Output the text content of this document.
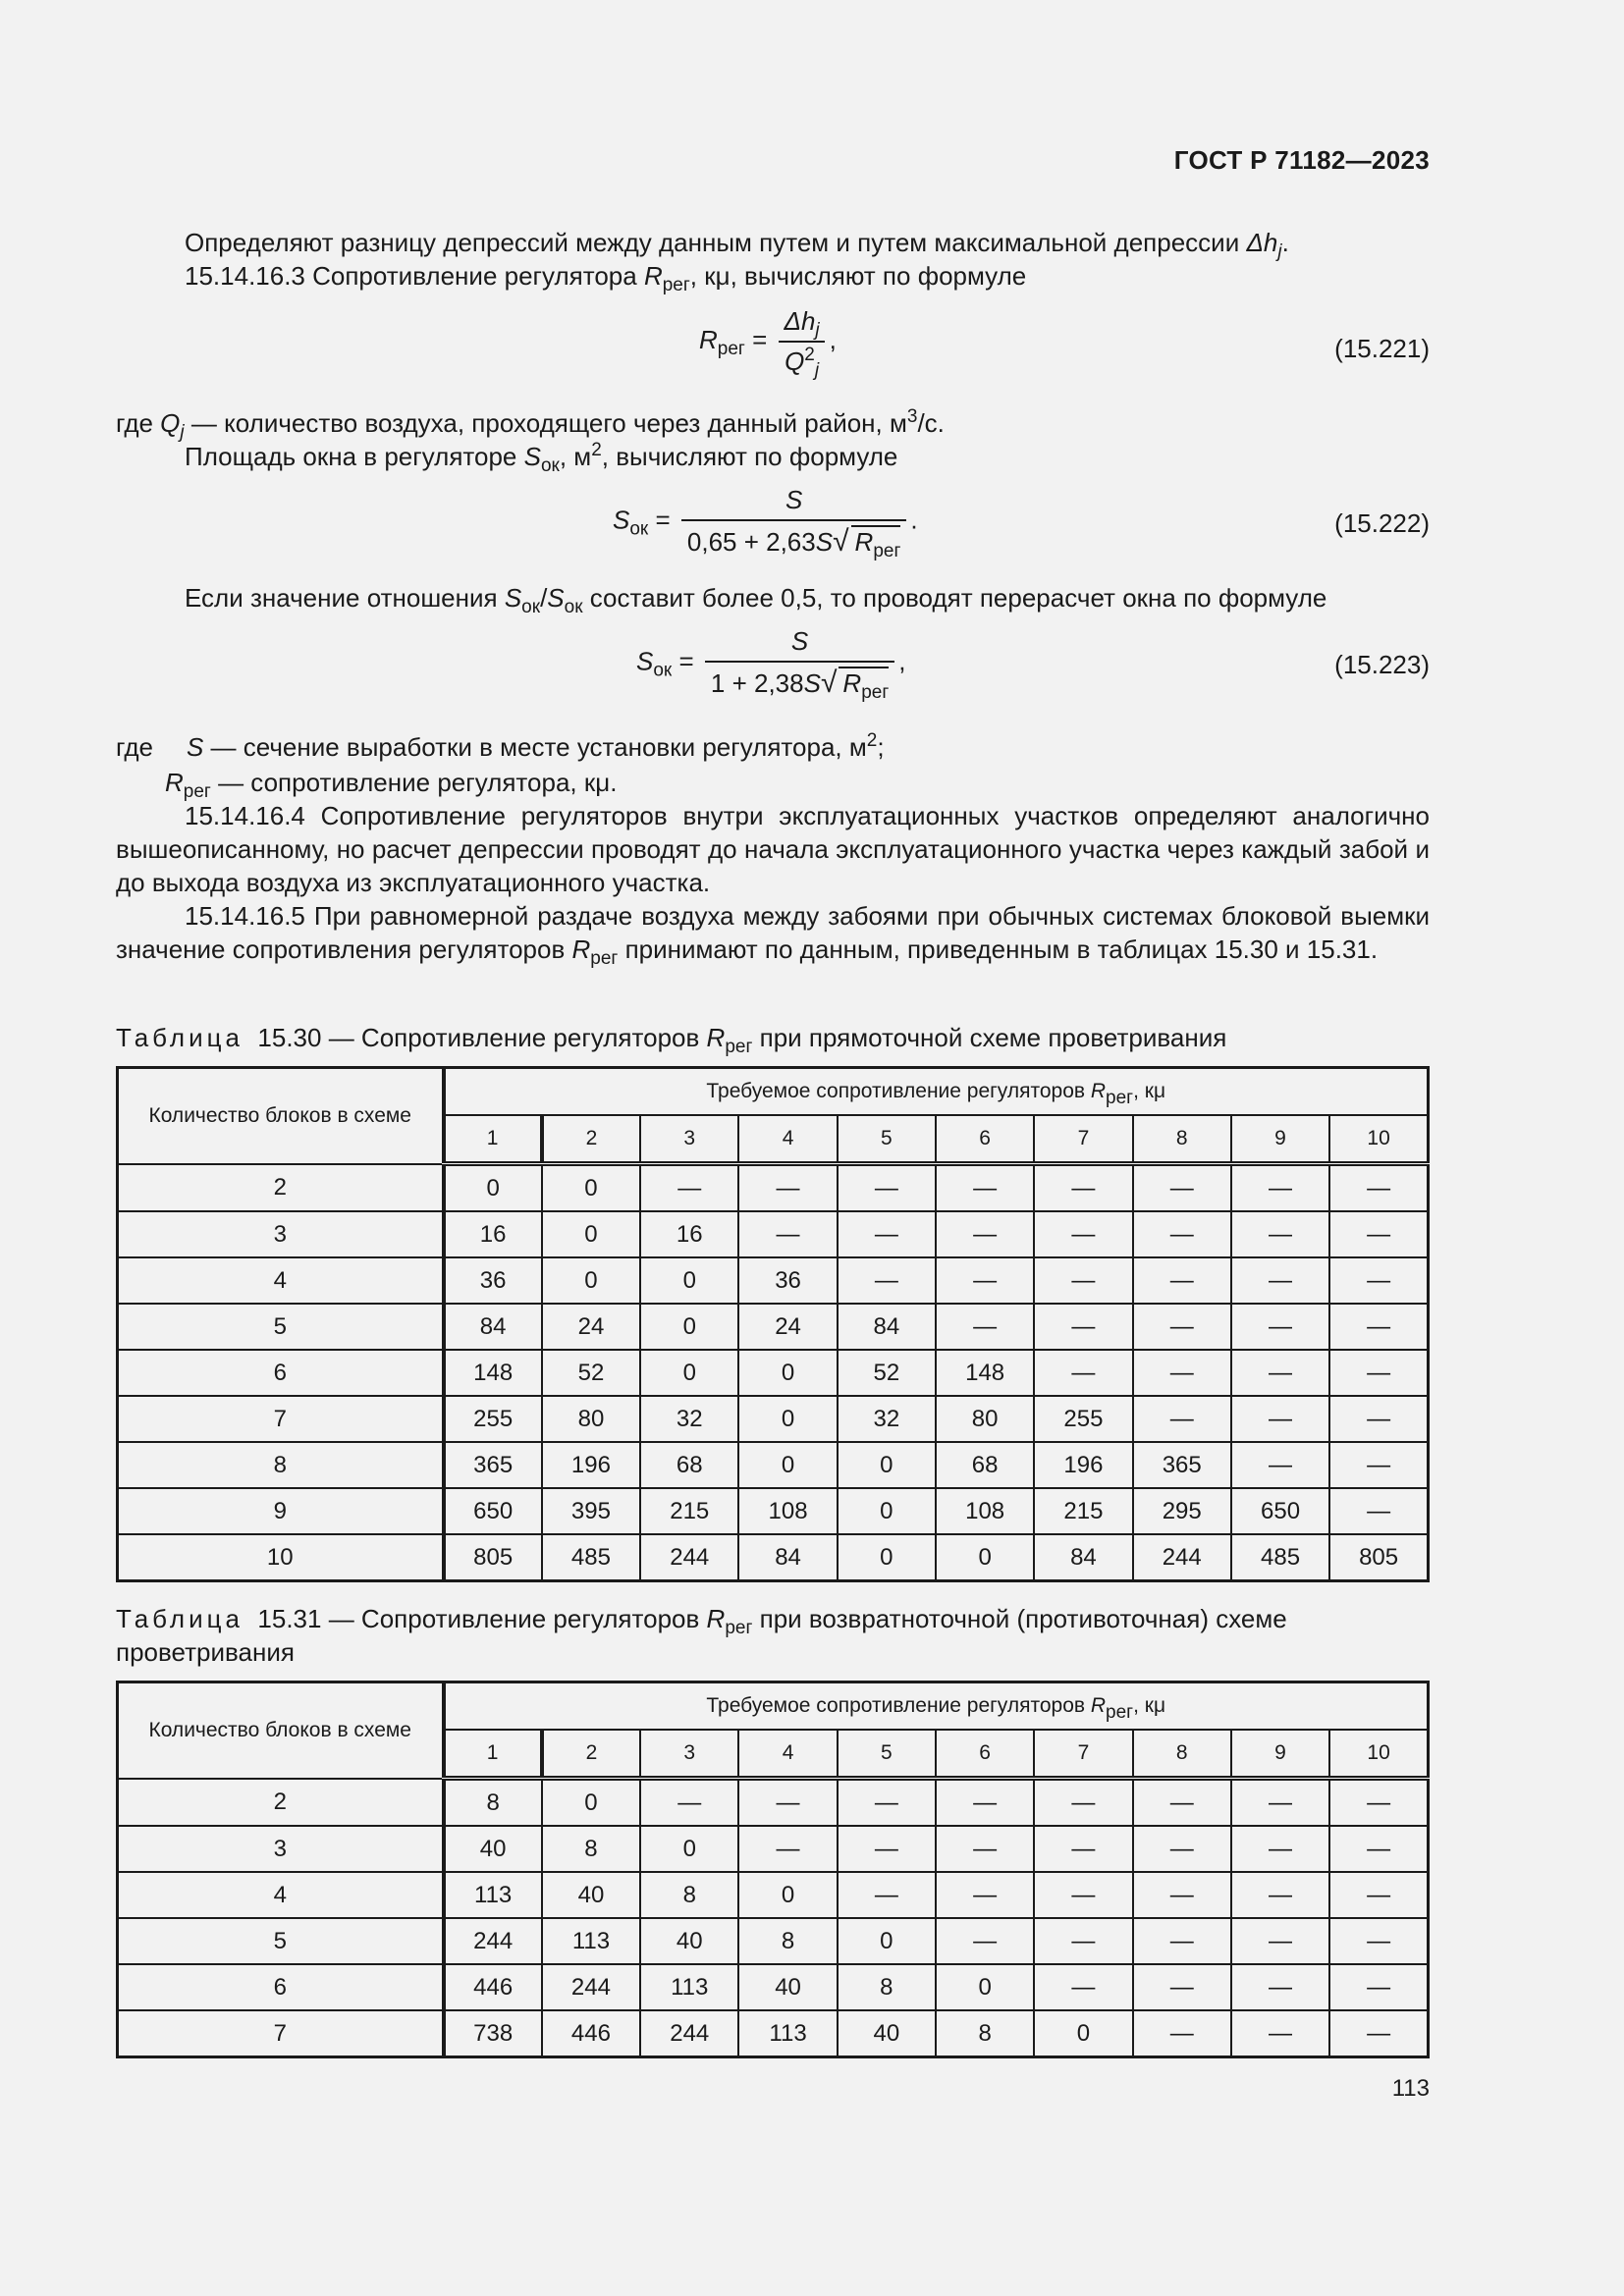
ГОСТ Р 71182—2023
Определяют разницу депрессий между данным путем и путем максимальной депрессии $\Delta h_j$.
15.14.16.3 Сопротивление регулятора $R_{рег}$, кμ, вычисляют по формуле
$R_{рег} = \frac{\Delta h_j}{Q^2_j}$ ,	(15.221)
где $Q_j$ — количество воздуха, проходящего через данный район, $м^3/с$.
Площадь окна в регуляторе $S_{ок}$, $м^2$, вычисляют по формуле
$S_{ок} = \frac{S}{0,65 + 2,63S√ R_{рег}}$ .	(15.222)
Если значение отношения $S_{ок}/S_{ок}$ составит более 0,5, то проводят перерасчет окна по формуле
$S_{ок} = \frac{S}{1 + 2,38S√ R_{рег}}$ ,	(15.223)
где S — сечение выработки в месте установки регулятора, $м^2$;
$R_{рег}$ — сопротивление регулятора, кμ.
15.14.16.4 Сопротивление регуляторов внутри эксплуатационных участков определяют аналогично вышеописанному, но расчет депрессии проводят до начала эксплуатационного участка через каждый забой и до выхода воздуха из эксплуатационного участка.
15.14.16.5 При равномерной раздаче воздуха между забоями при обычных системах блоковой выемки значение сопротивления регуляторов $R_{рег}$ принимают по данным, приведенным в таблицах 15.30 и 15.31.
Таблица 15.30 — Сопротивление регуляторов $R_{рег}$ при прямоточной схеме проветривания
Количество блоков в схеме	Требуемое сопротивление регуляторов $R_{рег}$, кμ									
	1	2	3	4	5	6	7	8	9	10
2	0	0	—	—	—	—	—	—	—	—
3	16	0	16	—	—	—	—	—	—	—
4	36	0	0	36	—	—	—	—	—	—
5	84	24	0	24	84	—	—	—	—	—
6	148	52	0	0	52	148	—	—	—	—
7	255	80	32	0	32	80	255	—	—	—
8	365	196	68	0	0	68	196	365	—	—
9	650	395	215	108	0	108	215	295	650	—
10	805	485	244	84	0	0	84	244	485	805
Таблица 15.31 — Сопротивление регуляторов $R_{рег}$ при возвратноточной (противоточная) схеме проветривания
Количество блоков в схеме	Требуемое сопротивление регуляторов $R_{рег}$, кμ									
	1	2	3	4	5	6	7	8	9	10
2	8	0	—	—	—	—	—	—	—	—
3	40	8	0	—	—	—	—	—	—	—
4	113	40	8	0	—	—	—	—	—	—
5	244	113	40	8	0	—	—	—	—	—
6	446	244	113	40	8	0	—	—	—	—
7	738	446	244	113	40	8	0	—	—	—
113
